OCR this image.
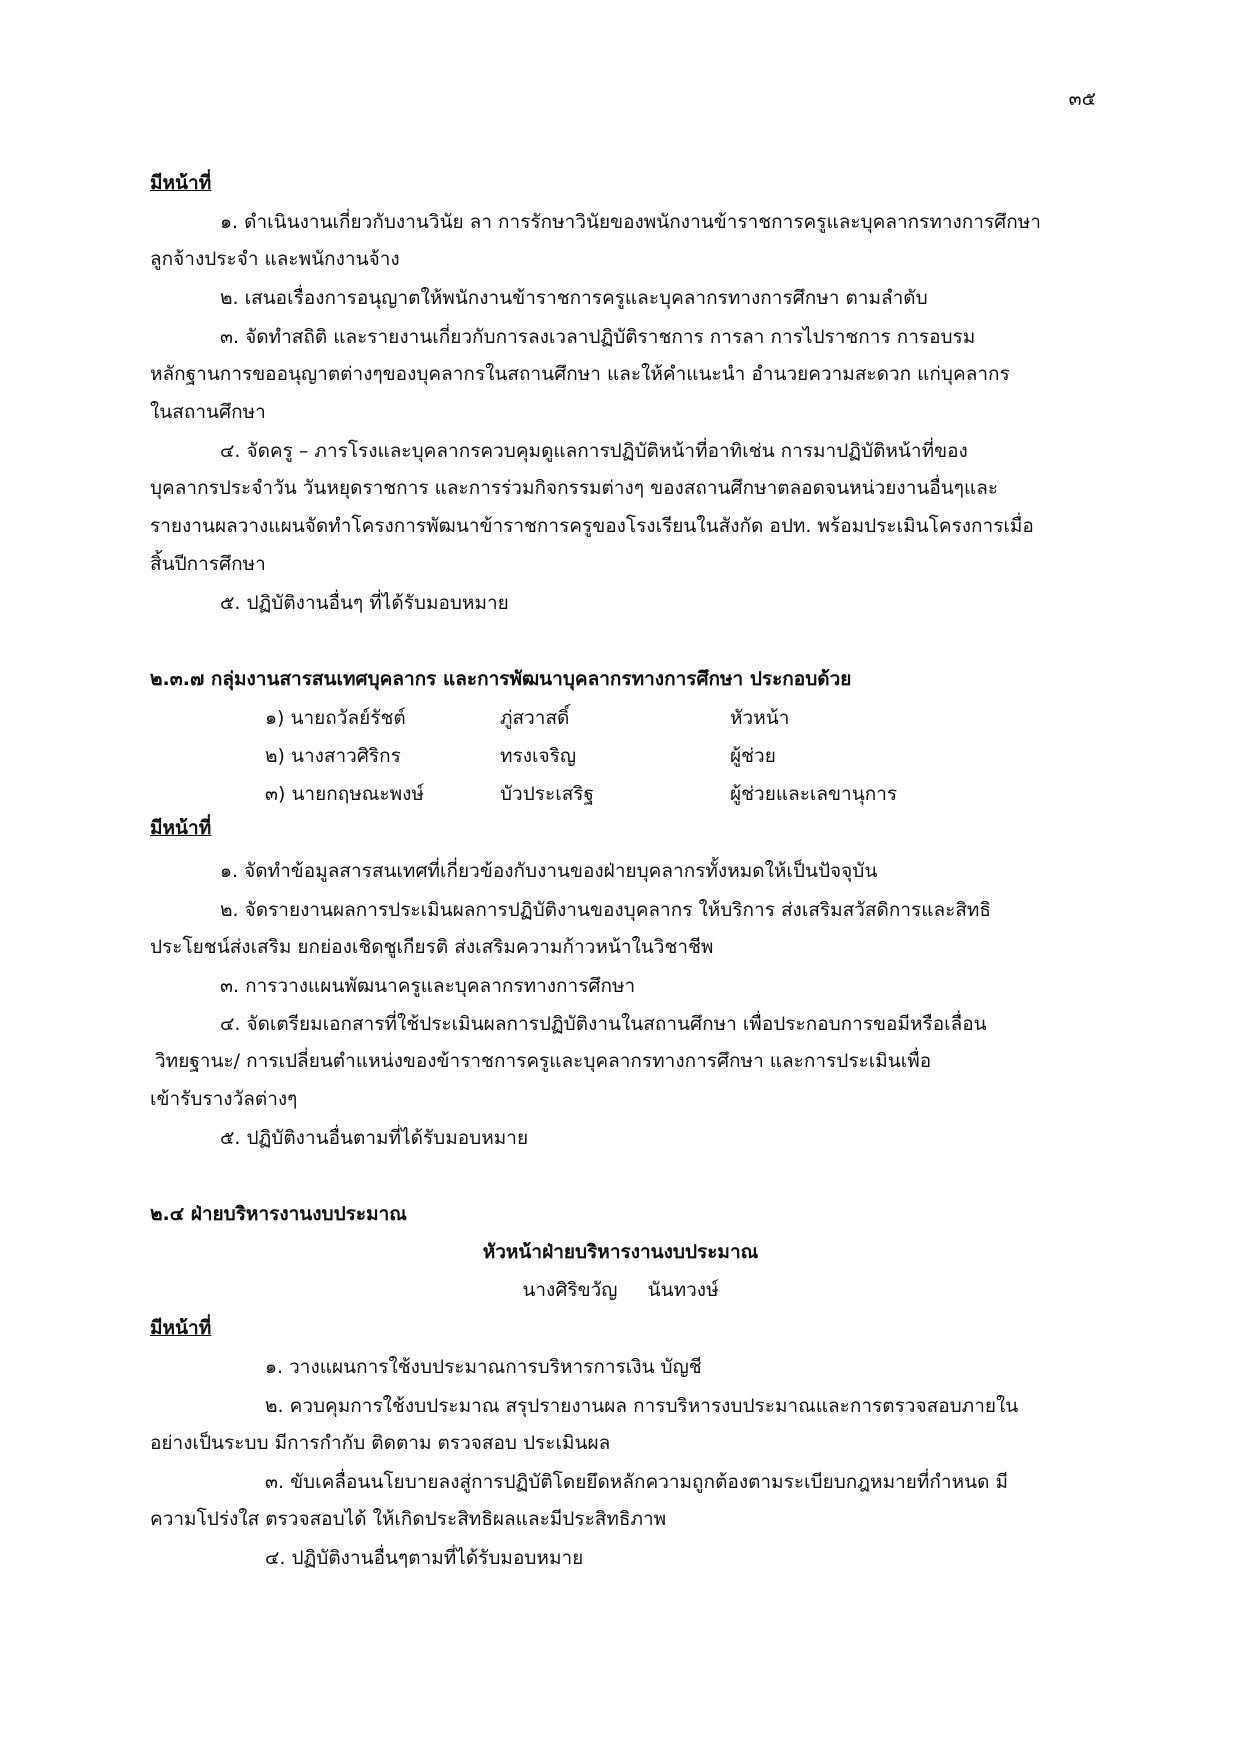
๓๕
มีหน้าที่
๑. ดำเนินงานเกี่ยวกับงานวินัย ลา การรักษาวินัยของพนักงานข้าราชการครูและบุคลากรทางการศึกษา
ลูกจ้างประจำ และพนักงานจ้าง
๒. เสนอเรื่องการอนุญาตให้พนักงานข้าราชการครูและบุคลากรทางการศึกษา ตามลำดับ
๓. จัดทำสถิติ และรายงานเกี่ยวกับการลงเวลาปฏิบัติราชการ การลา การไปราชการ การอบรม
หลักฐานการขออนุญาตต่างๆของบุคลากรในสถานศึกษา และให้คำแนะนำ อำนวยความสะดวก แก่บุคลากร
ในสถานศึกษา
๔. จัดครู – ภารโรงและบุคลากรควบคุมดูแลการปฏิบัติหน้าที่อาทิเช่น การมาปฏิบัติหน้าที่ของ
บุคลากรประจำวัน วันหยุดราชการ และการร่วมกิจกรรมต่างๆ ของสถานศึกษาตลอดจนหน่วยงานอื่นๆและ
รายงานผลวางแผนจัดทำโครงการพัฒนาข้าราชการครูของโรงเรียนในสังกัด อปท. พร้อมประเมินโครงการเมื่อ
สิ้นปีการศึกษา
๕. ปฏิบัติงานอื่นๆ ที่ได้รับมอบหมาย
๒.๓.๗ กลุ่มงานสารสนเทศบุคลากร และการพัฒนาบุคลากรทางการศึกษา ประกอบด้วย
๑) นายถวัลย์รัชต์	ภู่สวาสดิ์	หัวหน้า
๒) นางสาวศิริกร	ทรงเจริญ	ผู้ช่วย
๓) นายกฤษณะพงษ์	บัวประเสริฐ	ผู้ช่วยและเลขานุการ
มีหน้าที่
๑. จัดทำข้อมูลสารสนเทศที่เกี่ยวข้องกับงานของฝ่ายบุคลากรทั้งหมดให้เป็นปัจจุบัน
๒. จัดรายงานผลการประเมินผลการปฏิบัติงานของบุคลากร ให้บริการ ส่งเสริมสวัสดิการและสิทธิ
ประโยชน์ส่งเสริม ยกย่องเชิดชูเกียรติ ส่งเสริมความก้าวหน้าในวิชาชีพ
๓. การวางแผนพัฒนาครูและบุคลากรทางการศึกษา
๔. จัดเตรียมเอกสารที่ใช้ประเมินผลการปฏิบัติงานในสถานศึกษา เพื่อประกอบการขอมีหรือเลื่อน
วิทยฐานะ/ การเปลี่ยนตำแหน่งของข้าราชการครูและบุคลากรทางการศึกษา และการประเมินเพื่อ
เข้ารับรางวัลต่างๆ
๕. ปฏิบัติงานอื่นตามที่ได้รับมอบหมาย
๒.๔ ฝ่ายบริหารงานงบประมาณ
หัวหน้าฝ่ายบริหารงานงบประมาณ
นางศิริขวัญ     นันทวงษ์
มีหน้าที่
๑. วางแผนการใช้งบประมาณการบริหารการเงิน บัญชี
๒. ควบคุมการใช้งบประมาณ สรุปรายงานผล การบริหารงบประมาณและการตรวจสอบภายใน
อย่างเป็นระบบ มีการกำกับ ติดตาม ตรวจสอบ ประเมินผล
๓. ขับเคลื่อนนโยบายลงสู่การปฏิบัติโดยยึดหลักความถูกต้องตามระเบียบกฎหมายที่กำหนด มี
ความโปร่งใส ตรวจสอบได้ ให้เกิดประสิทธิผลและมีประสิทธิภาพ
๔. ปฏิบัติงานอื่นๆตามที่ได้รับมอบหมาย
